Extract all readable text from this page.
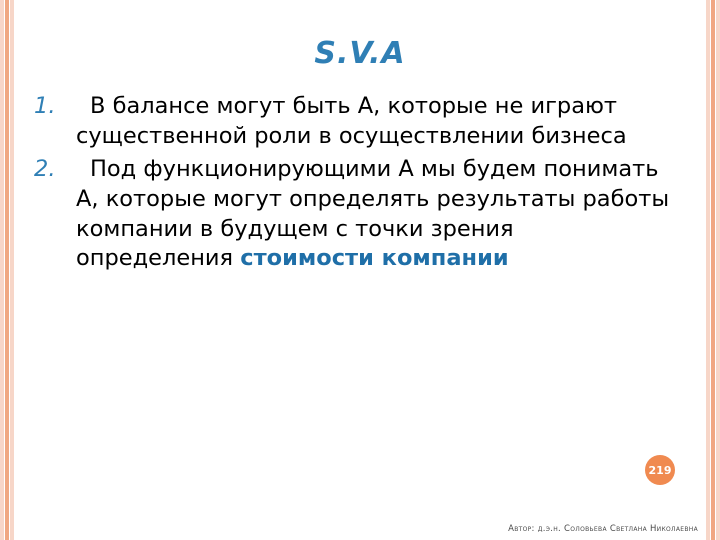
S.V.A
1.	В балансе могут быть А, которые не играют существенной роли в осуществлении бизнеса
2.	Под функционирующими А мы будем понимать А, которые могут определять результаты работы компании в будущем с точки зрения определения стоимости компании
219
Автор: д.э.н. Соловьева Светлана Николаевна
